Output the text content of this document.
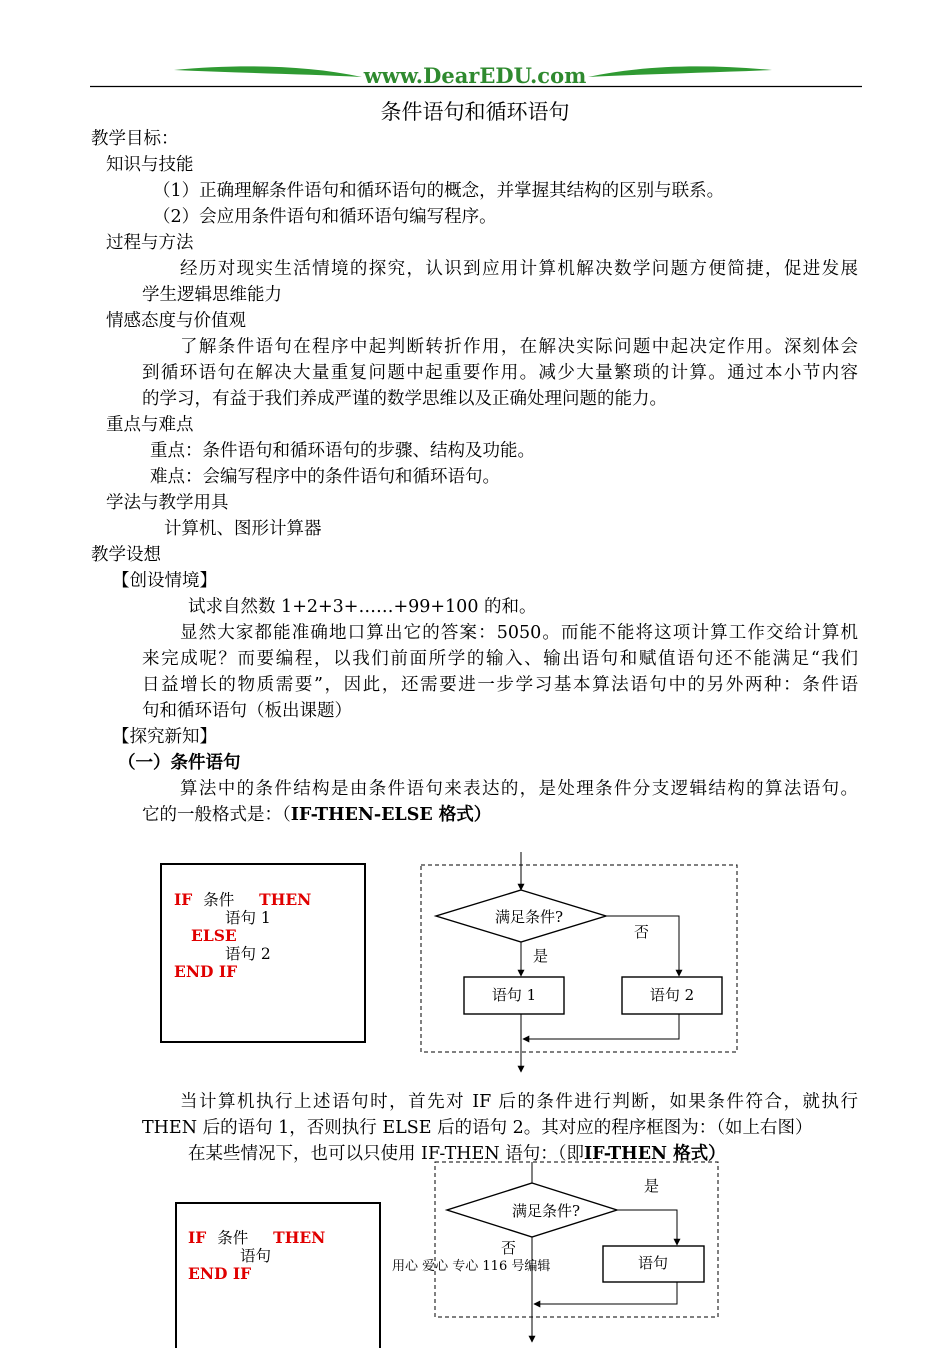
www.DearEDU.com
条件语句和循环语句
教学目标：
知识与技能
（1）正确理解条件语句和循环语句的概念，并掌握其结构的区别与联系。
（2）会应用条件语句和循环语句编写程序。
过程与方法
经历对现实生活情境的探究，认识到应用计算机解决数学问题方便简捷，促进发展
学生逻辑思维能力
情感态度与价值观
了解条件语句在程序中起判断转折作用，在解决实际问题中起决定作用。深刻体会
到循环语句在解决大量重复问题中起重要作用。减少大量繁琐的计算。通过本小节内容
的学习，有益于我们养成严谨的数学思维以及正确处理问题的能力。
重点与难点
重点：条件语句和循环语句的步骤、结构及功能。
难点：会编写程序中的条件语句和循环语句。
学法与教学用具
计算机、图形计算器
教学设想
【创设情境】
试求自然数 1+2+3+……+99+100 的和。
显然大家都能准确地口算出它的答案：5050。而能不能将这项计算工作交给计算机
来完成呢？而要编程，以我们前面所学的输入、输出语句和赋值语句还不能满足“我们
日益增长的物质需要”，因此，还需要进一步学习基本算法语句中的另外两种：条件语
句和循环语句（板出课题）
【探究新知】
（一）条件语句
算法中的条件结构是由条件语句来表达的，是处理条件分支逻辑结构的算法语句。
它的一般格式是：（IF-THEN-ELSE 格式）
IF 条件 THEN
语句 1
ELSE
语句 2
END IF
满足条件?
否
是
语句 1	语句 2
当计算机执行上述语句时，首先对 IF 后的条件进行判断，如果条件符合，就执行
THEN 后的语句 1，否则执行 ELSE 后的语句 2。其对应的程序框图为：（如上右图）
在某些情况下，也可以只使用 IF-THEN 语句：（即IF-THEN 格式）
满足条件?
是
语句
否
IF 条件 THEN
语句
END IF	用心 爱心 专心 116 号编辑
